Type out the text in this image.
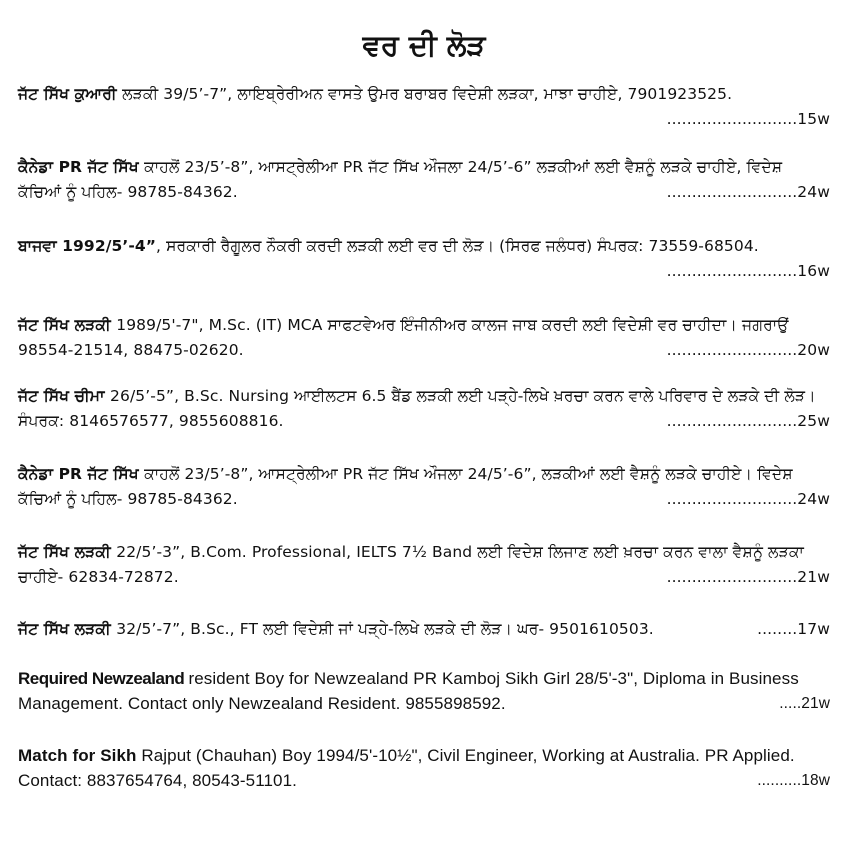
ਵਰ ਦੀ ਲੋੜ
ਜੱਟ ਸਿੱਖ ਕੁਆਰੀ ਲੜਕੀ 39/5’-7”, ਲਾਇਬ੍ਰੇਰੀਅਨ ਵਾਸਤੇ ਉਮਰ ਬਰਾਬਰ ਵਿਦੇਸ਼ੀ ਲੜਕਾ, ਮਾਝਾ ਚਾਹੀਏ, 7901923525.
..........................15w
ਕੈਨੇਡਾ PR ਜੱਟ ਸਿੱਖ ਕਾਹਲੋਂ 23/5’-8”, ਆਸਟ੍ਰੇਲੀਆ PR ਜੱਟ ਸਿੱਖ ਔਜਲਾ 24/5’-6” ਲੜਕੀਆਂ ਲਈ ਵੈਸ਼ਨੂੰ ਲੜਕੇ ਚਾਹੀਏ, ਵਿਦੇਸ਼ ਕੱਚਿਆਂ ਨੂੰ ਪਹਿਲ- 98785-84362.	..........................24w
ਬਾਜਵਾ 1992/5’-4”, ਸਰਕਾਰੀ ਰੈਗੂਲਰ ਨੌਕਰੀ ਕਰਦੀ ਲੜਕੀ ਲਈ ਵਰ ਦੀ ਲੋੜ। (ਸਿਰਫ ਜਲੰਧਰ) ਸੰਪਰਕ: 73559-68504.
..........................16w
ਜੱਟ ਸਿੱਖ ਲੜਕੀ 1989/5'-7", M.Sc. (IT) MCA ਸਾਫਟਵੇਅਰ ਇੰਜੀਨੀਅਰ ਕਾਲਜ ਜਾਬ ਕਰਦੀ ਲਈ ਵਿਦੇਸ਼ੀ ਵਰ ਚਾਹੀਦਾ। ਜਗਰਾਉਂ 98554-21514, 88475-02620.	..........................20w
ਜੱਟ ਸਿੱਖ ਚੀਮਾ 26/5’-5”, B.Sc. Nursing ਆਈਲਟਸ 6.5 ਬੈਂਡ ਲੜਕੀ ਲਈ ਪੜ੍ਹੇ-ਲਿਖੇ ਖ਼ਰਚਾ ਕਰਨ ਵਾਲੇ ਪਰਿਵਾਰ ਦੇ ਲੜਕੇ ਦੀ ਲੋੜ। ਸੰਪਰਕ: 8146576577, 9855608816.	..........................25w
ਕੈਨੇਡਾ PR ਜੱਟ ਸਿੱਖ ਕਾਹਲੋਂ 23/5’-8”, ਆਸਟ੍ਰੇਲੀਆ PR ਜੱਟ ਸਿੱਖ ਔਜਲਾ 24/5’-6”, ਲੜਕੀਆਂ ਲਈ ਵੈਸ਼ਨੂੰ ਲੜਕੇ ਚਾਹੀਏ। ਵਿਦੇਸ਼ ਕੱਚਿਆਂ ਨੂੰ ਪਹਿਲ- 98785-84362.	..........................24w
ਜੱਟ ਸਿੱਖ ਲੜਕੀ 22/5’-3”, B.Com. Professional, IELTS 7½ Band ਲਈ ਵਿਦੇਸ਼ ਲਿਜਾਣ ਲਈ ਖ਼ਰਚਾ ਕਰਨ ਵਾਲਾ ਵੈਸ਼ਨੂੰ ਲੜਕਾ ਚਾਹੀਏ- 62834-72872.	..........................21w
ਜੱਟ ਸਿੱਖ ਲੜਕੀ 32/5’-7”, B.Sc., FT ਲਈ ਵਿਦੇਸ਼ੀ ਜਾਂ ਪੜ੍ਹੇ-ਲਿਖੇ ਲੜਕੇ ਦੀ ਲੋੜ। ਘਰ- 9501610503.	........17w
Required Newzealand resident Boy for Newzealand PR Kamboj Sikh Girl 28/5'-3", Diploma in Business Management. Contact only Newzealand Resident. 9855898592.	.....21w
Match for Sikh Rajput (Chauhan) Boy 1994/5'-10½", Civil Engineer, Working at Australia. PR Applied. Contact: 8837654764, 80543-51101.	..........18w
